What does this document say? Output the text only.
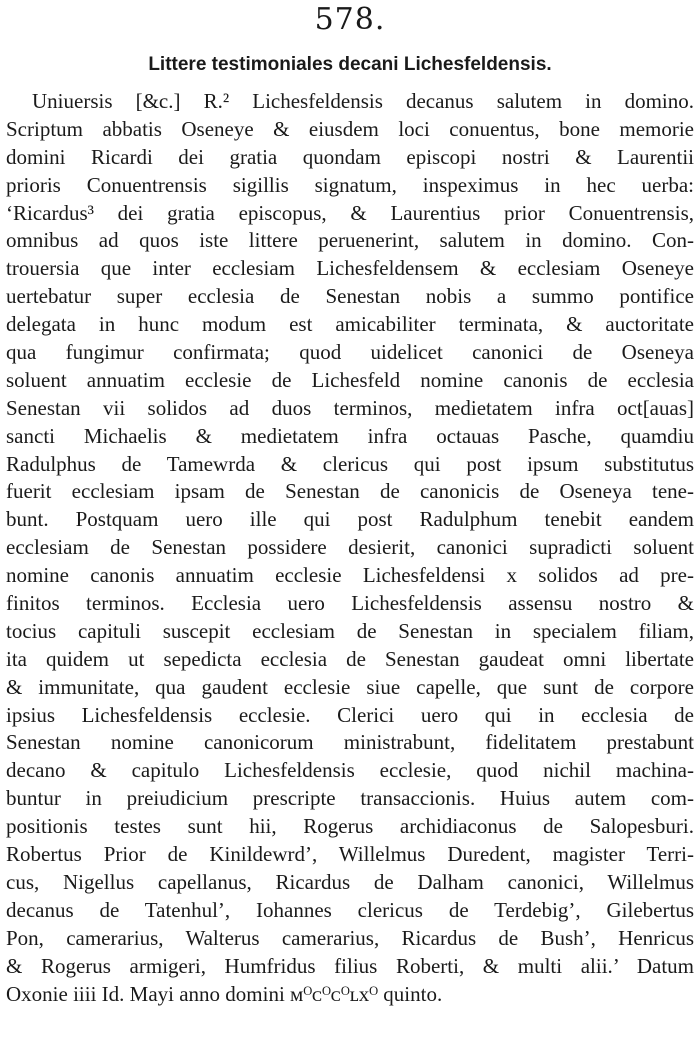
578.
Littere testimoniales decani Lichesfeldensis.
Uniuersis [&c.] R.² Lichesfeldensis decanus salutem in domino.
Scriptum abbatis Oseneye & eiusdem loci conuentus, bone memorie
domini Ricardi dei gratia quondam episcopi nostri & Laurentii
prioris Conuentrensis sigillis signatum, inspeximus in hec uerba:
‘Ricardus³ dei gratia episcopus, & Laurentius prior Conuentrensis,
omnibus ad quos iste littere peruenerint, salutem in domino. Con-
trouersia que inter ecclesiam Lichesfeldensem & ecclesiam Oseneye
uertebatur super ecclesia de Senestan nobis a summo pontifice
delegata in hunc modum est amicabiliter terminata, & auctoritate
qua fungimur confirmata; quod uidelicet canonici de Oseneya
soluent annuatim ecclesie de Lichesfeld nomine canonis de ecclesia
Senestan vii solidos ad duos terminos, medietatem infra oct[auas]
sancti Michaelis & medietatem infra octauas Pasche, quamdiu
Radulphus de Tamewrda & clericus qui post ipsum substitutus
fuerit ecclesiam ipsam de Senestan de canonicis de Oseneya tene-
bunt. Postquam uero ille qui post Radulphum tenebit eandem
ecclesiam de Senestan possidere desierit, canonici supradicti soluent
nomine canonis annuatim ecclesie Lichesfeldensi x solidos ad pre-
finitos terminos. Ecclesia uero Lichesfeldensis assensu nostro &
tocius capituli suscepit ecclesiam de Senestan in specialem filiam,
ita quidem ut sepedicta ecclesia de Senestan gaudeat omni libertate
& immunitate, qua gaudent ecclesie siue capelle, que sunt de corpore
ipsius Lichesfeldensis ecclesie. Clerici uero qui in ecclesia de
Senestan nomine canonicorum ministrabunt, fidelitatem prestabunt
decano & capitulo Lichesfeldensis ecclesie, quod nichil machina-
buntur in preiudicium prescripte transaccionis. Huius autem com-
positionis testes sunt hii, Rogerus archidiaconus de Salopesburi.
Robertus Prior de Kinildewrd’, Willelmus Duredent, magister Terri-
cus, Nigellus capellanus, Ricardus de Dalham canonici, Willelmus
decanus de Tatenhul’, Iohannes clericus de Terdebig’, Gilebertus
Pon, camerarius, Walterus camerarius, Ricardus de Bush’, Henricus
& Rogerus armigeri, Humfridus filius Roberti, & multi alii.’ Datum
Oxonie iiii Id. Mayi anno domini ᴍᴼᴄᴼᴄᴼʟxᴼ quinto.
